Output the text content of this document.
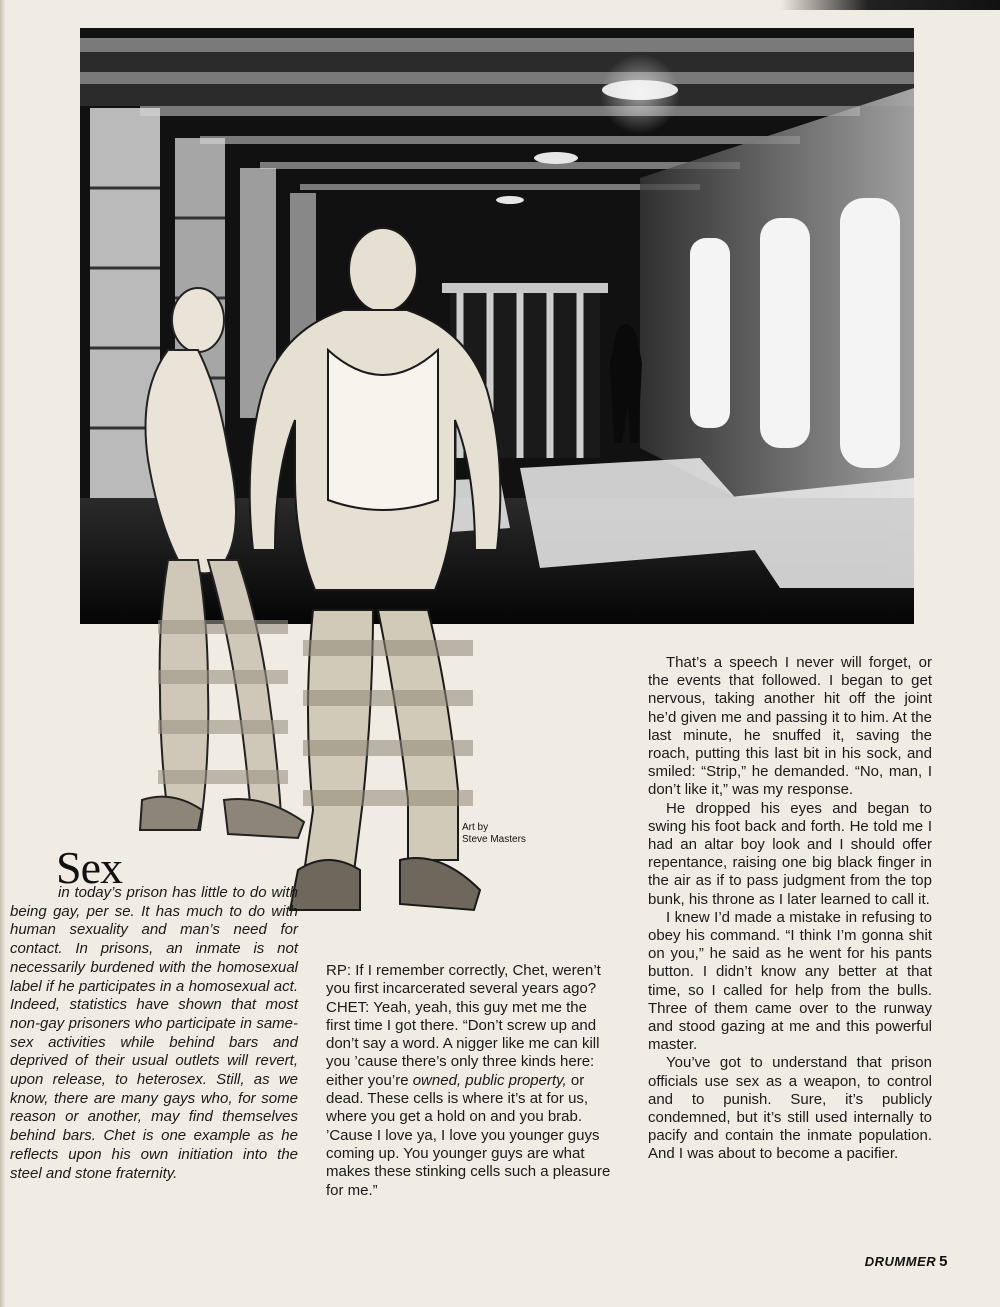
Art by
Steve Masters
Sex

in today’s prison has little to do with being gay, per se. It has much to do with human sexuality and man’s need for contact. In prisons, an inmate is not necessarily burdened with the homosexual label if he participates in a homosexual act. Indeed, statistics have shown that most non-gay prisoners who participate in same-sex activities while behind bars and deprived of their usual outlets will revert, upon release, to heterosex. Still, as we know, there are many gays who, for some reason or another, may find themselves behind bars. Chet is one example as he reflects upon his own initiation into the steel and stone fraternity.

RP: If I remember correctly, Chet, weren’t you first incarcerated several years ago?

CHET: Yeah, yeah, this guy met me the first time I got there. “Don’t screw up and don’t say a word. A nigger like me can kill you ’cause there’s only three kinds here: either you’re owned, public property, or dead. These cells is where it’s at for us, where you get a hold on and you brab. ’Cause I love ya, I love you younger guys coming up. You younger guys are what makes these stinking cells such a pleasure for me.”

That’s a speech I never will forget, or the events that followed. I began to get nervous, taking another hit off the joint he’d given me and passing it to him. At the last minute, he snuffed it, saving the roach, putting this last bit in his sock, and smiled: “Strip,” he demanded. “No, man, I don’t like it,” was my response.

He dropped his eyes and began to swing his foot back and forth. He told me I had an altar boy look and I should offer repentance, raising one big black finger in the air as if to pass judgment from the top bunk, his throne as I later learned to call it.

I knew I’d made a mistake in refusing to obey his command. “I think I’m gonna shit on you,” he said as he went for his pants button. I didn’t know any better at that time, so I called for help from the bulls. Three of them came over to the runway and stood gazing at me and this powerful master.

You’ve got to understand that prison officials use sex as a weapon, to control and to punish. Sure, it’s publicly condemned, but it’s still used internally to pacify and contain the inmate population. And I was about to become a pacifier.

DRUMMER 5
